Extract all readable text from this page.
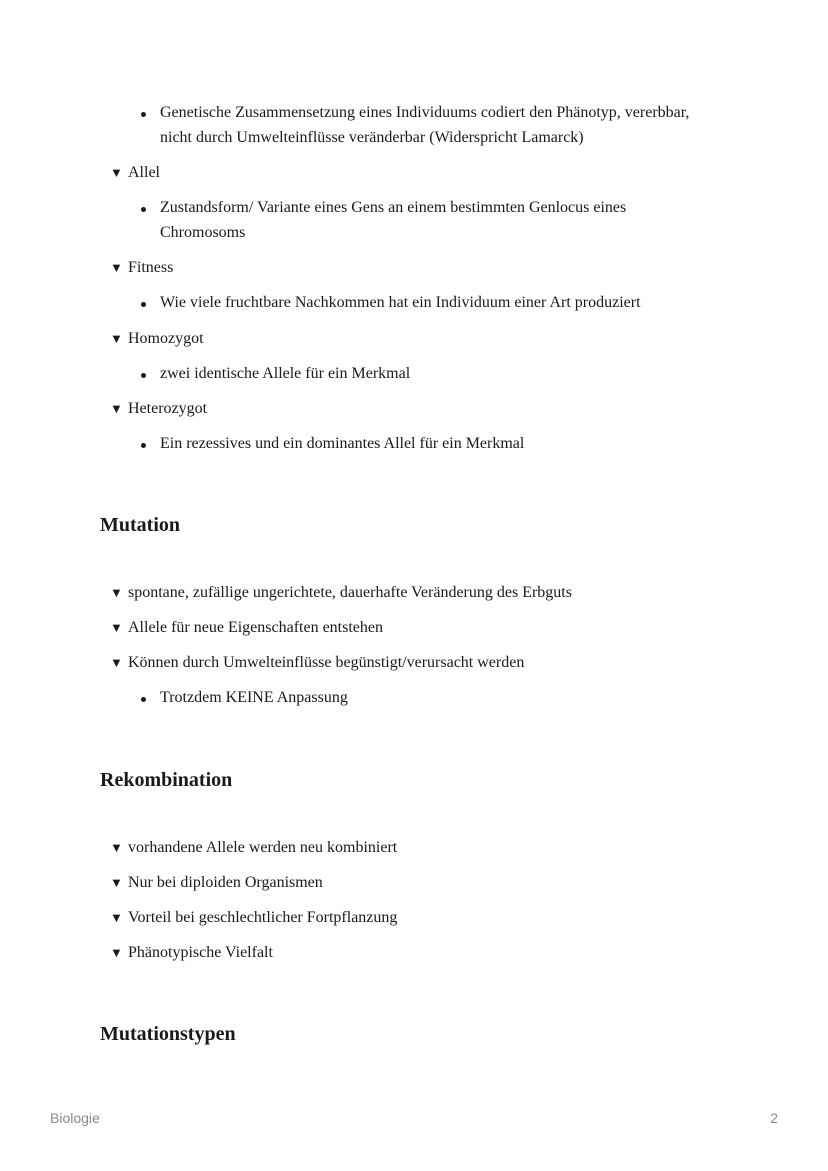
Genetische Zusammensetzung eines Individuums codiert den Phänotyp, vererbbar,
nicht durch Umwelteinflüsse veränderbar (Widerspricht Lamarck)
▼ Allel
Zustandsform/ Variante eines Gens an einem bestimmten Genlocus eines
Chromosoms
▼ Fitness
Wie viele fruchtbare Nachkommen hat ein Individuum einer Art produziert
▼ Homozygot
zwei identische Allele für ein Merkmal
▼ Heterozygot
Ein rezessives und ein dominantes Allel für ein Merkmal
Mutation
▼ spontane, zufällige ungerichtete, dauerhafte Veränderung des Erbguts
▼ Allele für neue Eigenschaften entstehen
▼ Können durch Umwelteinflüsse begünstigt/verursacht werden
Trotzdem KEINE Anpassung
Rekombination
▼ vorhandene Allele werden neu kombiniert
▼ Nur bei diploiden Organismen
▼ Vorteil bei geschlechtlicher Fortpflanzung
▼ Phänotypische Vielfalt
Mutationstypen
Biologie	2
